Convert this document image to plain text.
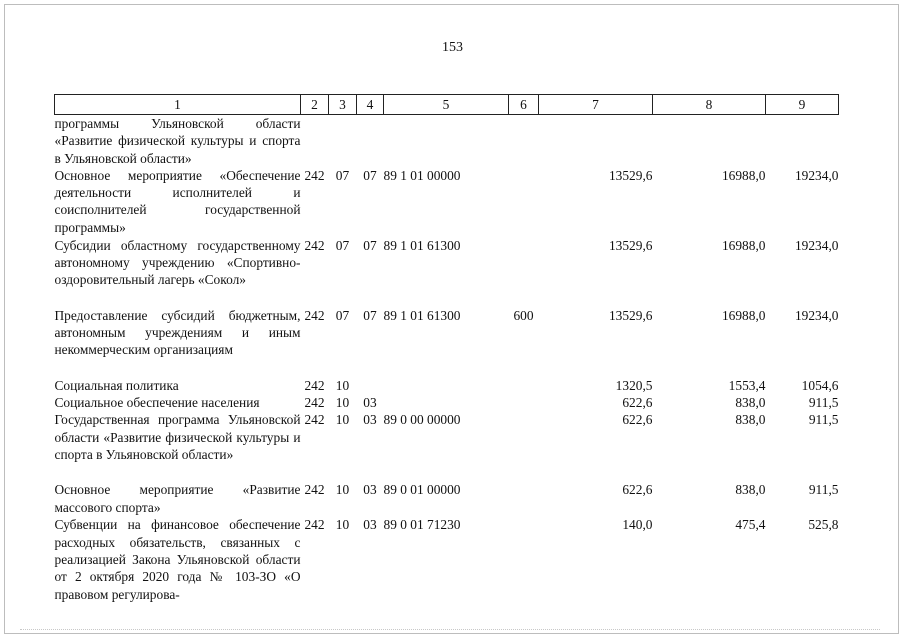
153
1	2	3	4	5	6	7	8	9
программы Ульяновской области «Развитие физической культуры и спорта в Ульяновской области»								
Основное мероприятие «Обеспечение деятельности исполнителей и соисполнителей государственной программы»	242	07	07	89 1 01 00000		13529,6	16988,0	19234,0
Субсидии областному государственному автономному учреждению «Спортивно-оздоровительный лагерь «Сокол»	242	07	07	89 1 01 61300		13529,6	16988,0	19234,0
Предоставление субсидий бюджетным, автономным учреждениям и иным некоммерческим организациям	242	07	07	89 1 01 61300	600	13529,6	16988,0	19234,0
Социальная политика	242	10				1320,5	1553,4	1054,6
Социальное обеспечение населения	242	10	03			622,6	838,0	911,5
Государственная программа Ульяновской области «Развитие физической культуры и спорта в Ульяновской области»	242	10	03	89 0 00 00000		622,6	838,0	911,5
Основное мероприятие «Развитие массового спорта»	242	10	03	89 0 01 00000		622,6	838,0	911,5
Субвенции на финансовое обеспечение расходных обязательств, связанных с реализацией Закона Ульяновской области от 2 октября 2020 года № 103-ЗО «О правовом регулирова-	242	10	03	89 0 01 71230		140,0	475,4	525,8
